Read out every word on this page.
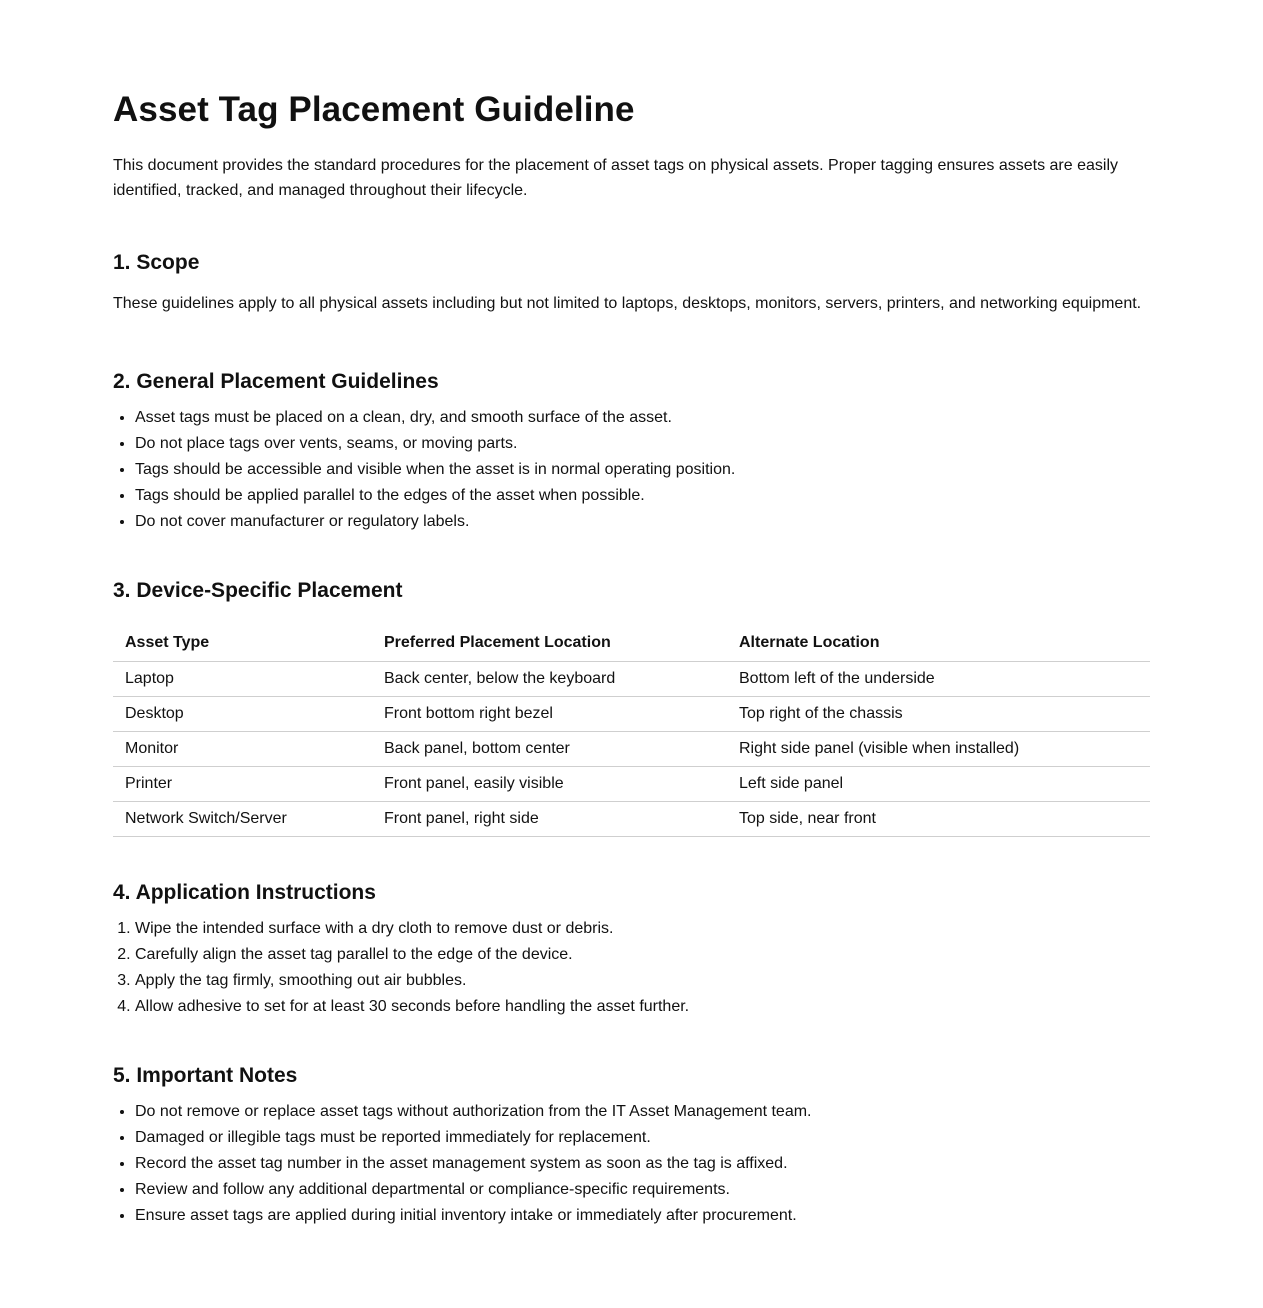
Asset Tag Placement Guideline

This document provides the standard procedures for the placement of asset tags on physical assets. Proper tagging ensures assets are easily identified, tracked, and managed throughout their lifecycle.

1. Scope

These guidelines apply to all physical assets including but not limited to laptops, desktops, monitors, servers, printers, and networking equipment.

2. General Placement Guidelines
• Asset tags must be placed on a clean, dry, and smooth surface of the asset.
• Do not place tags over vents, seams, or moving parts.
• Tags should be accessible and visible when the asset is in normal operating position.
• Tags should be applied parallel to the edges of the asset when possible.
• Do not cover manufacturer or regulatory labels.
3. Device-Specific Placement
Asset Type	Preferred Placement Location	Alternate Location
Laptop	Back center, below the keyboard	Bottom left of the underside
Desktop	Front bottom right bezel	Top right of the chassis
Monitor	Back panel, bottom center	Right side panel (visible when installed)
Printer	Front panel, easily visible	Left side panel
Network Switch/Server	Front panel, right side	Top side, near front
4. Application Instructions
1. Wipe the intended surface with a dry cloth to remove dust or debris.
2. Carefully align the asset tag parallel to the edge of the device.
3. Apply the tag firmly, smoothing out air bubbles.
4. Allow adhesive to set for at least 30 seconds before handling the asset further.
5. Important Notes
• Do not remove or replace asset tags without authorization from the IT Asset Management team.
• Damaged or illegible tags must be reported immediately for replacement.
• Record the asset tag number in the asset management system as soon as the tag is affixed.
• Review and follow any additional departmental or compliance-specific requirements.
• Ensure asset tags are applied during initial inventory intake or immediately after procurement.
